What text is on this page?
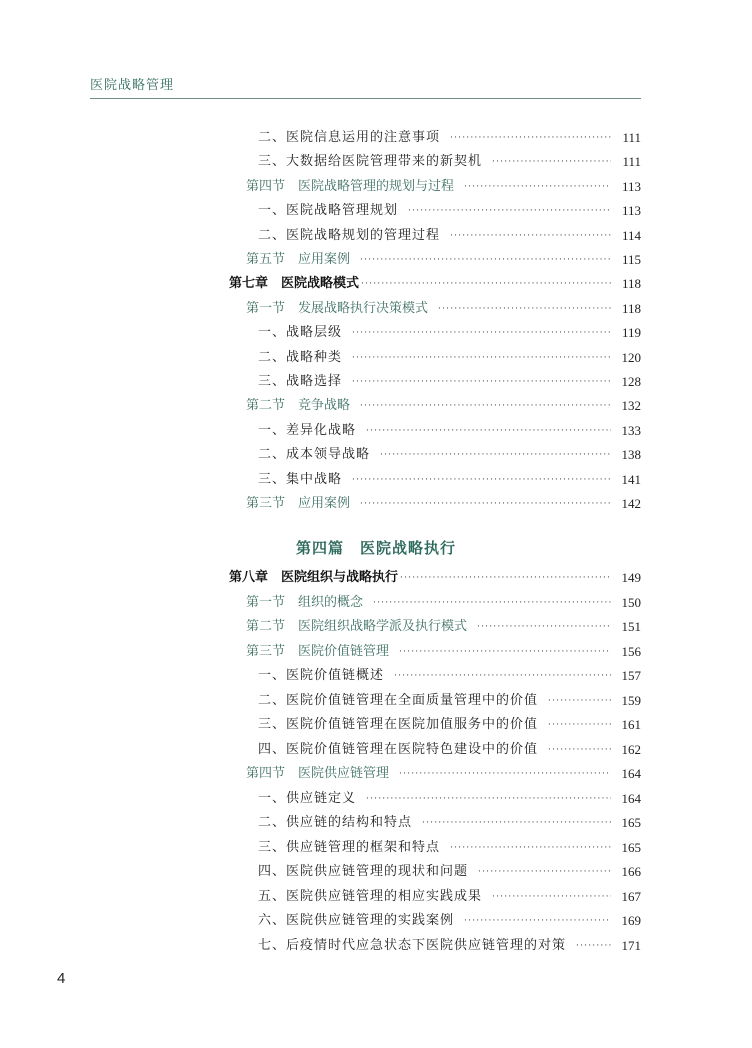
医院战略管理
二、医院信息运用的注意事项 ·····	111
三、大数据给医院管理带来的新契机 ·····	111
第四节　医院战略管理的规划与过程 ·····	113
一、医院战略管理规划 ·····	113
二、医院战略规划的管理过程 ·····	114
第五节　应用案例 ·····	115
第七章　医院战略模式 ·····	118
第一节　发展战略执行决策模式 ·····	118
一、战略层级 ·····	119
二、战略种类 ·····	120
三、战略选择 ·····	128
第二节　竞争战略 ·····	132
一、差异化战略 ·····	133
二、成本领导战略 ·····	138
三、集中战略 ·····	141
第三节　应用案例 ·····	142
第四篇　医院战略执行
第八章　医院组织与战略执行 ·····	149
第一节　组织的概念 ·····	150
第二节　医院组织战略学派及执行模式 ·····	151
第三节　医院价值链管理 ·····	156
一、医院价值链概述 ·····	157
二、医院价值链管理在全面质量管理中的价值 ·····	159
三、医院价值链管理在医院加值服务中的价值 ·····	161
四、医院价值链管理在医院特色建设中的价值 ·····	162
第四节　医院供应链管理 ·····	164
一、供应链定义 ·····	164
二、供应链的结构和特点 ·····	165
三、供应链管理的框架和特点 ·····	165
四、医院供应链管理的现状和问题 ·····	166
五、医院供应链管理的相应实践成果 ·····	167
六、医院供应链管理的实践案例 ·····	169
七、后疫情时代应急状态下医院供应链管理的对策 ·····	171
4
